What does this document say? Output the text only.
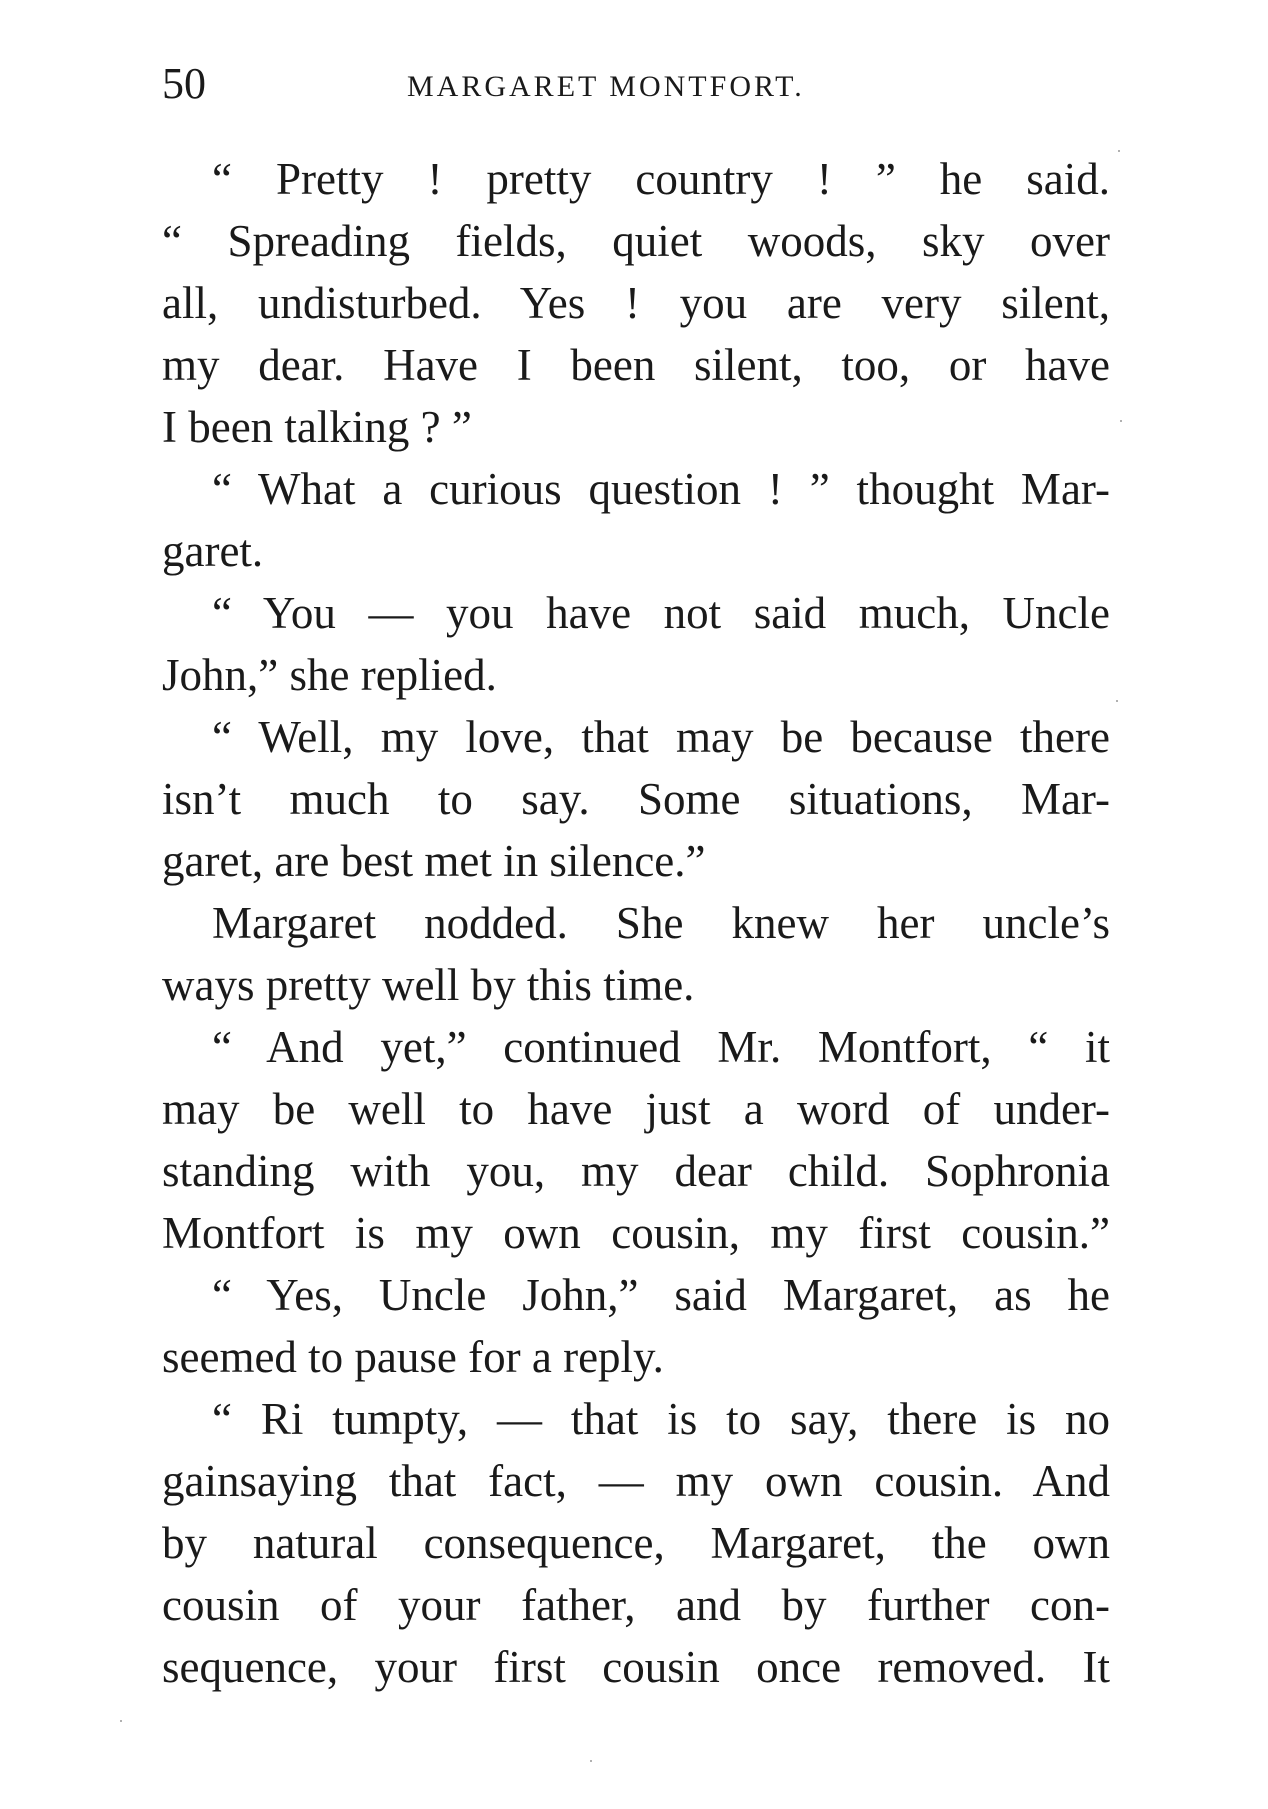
50	MARGARET MONTFORT.
“ Pretty ! pretty country ! ” he said.
“ Spreading fields, quiet woods, sky over
all, undisturbed. Yes ! you are very silent,
my dear. Have I been silent, too, or have
I been talking ? ”
“ What a curious question ! ” thought Mar-
garet.
“ You — you have not said much, Uncle
John,” she replied.
“ Well, my love, that may be because there
isn’t much to say. Some situations, Mar-
garet, are best met in silence.”
Margaret nodded. She knew her uncle’s
ways pretty well by this time.
“ And yet,” continued Mr. Montfort, “ it
may be well to have just a word of under-
standing with you, my dear child. Sophronia
Montfort is my own cousin, my first cousin.”
“ Yes, Uncle John,” said Margaret, as he
seemed to pause for a reply.
“ Ri tumpty, — that is to say, there is no
gainsaying that fact, — my own cousin. And
by natural consequence, Margaret, the own
cousin of your father, and by further con-
sequence, your first cousin once removed. It
